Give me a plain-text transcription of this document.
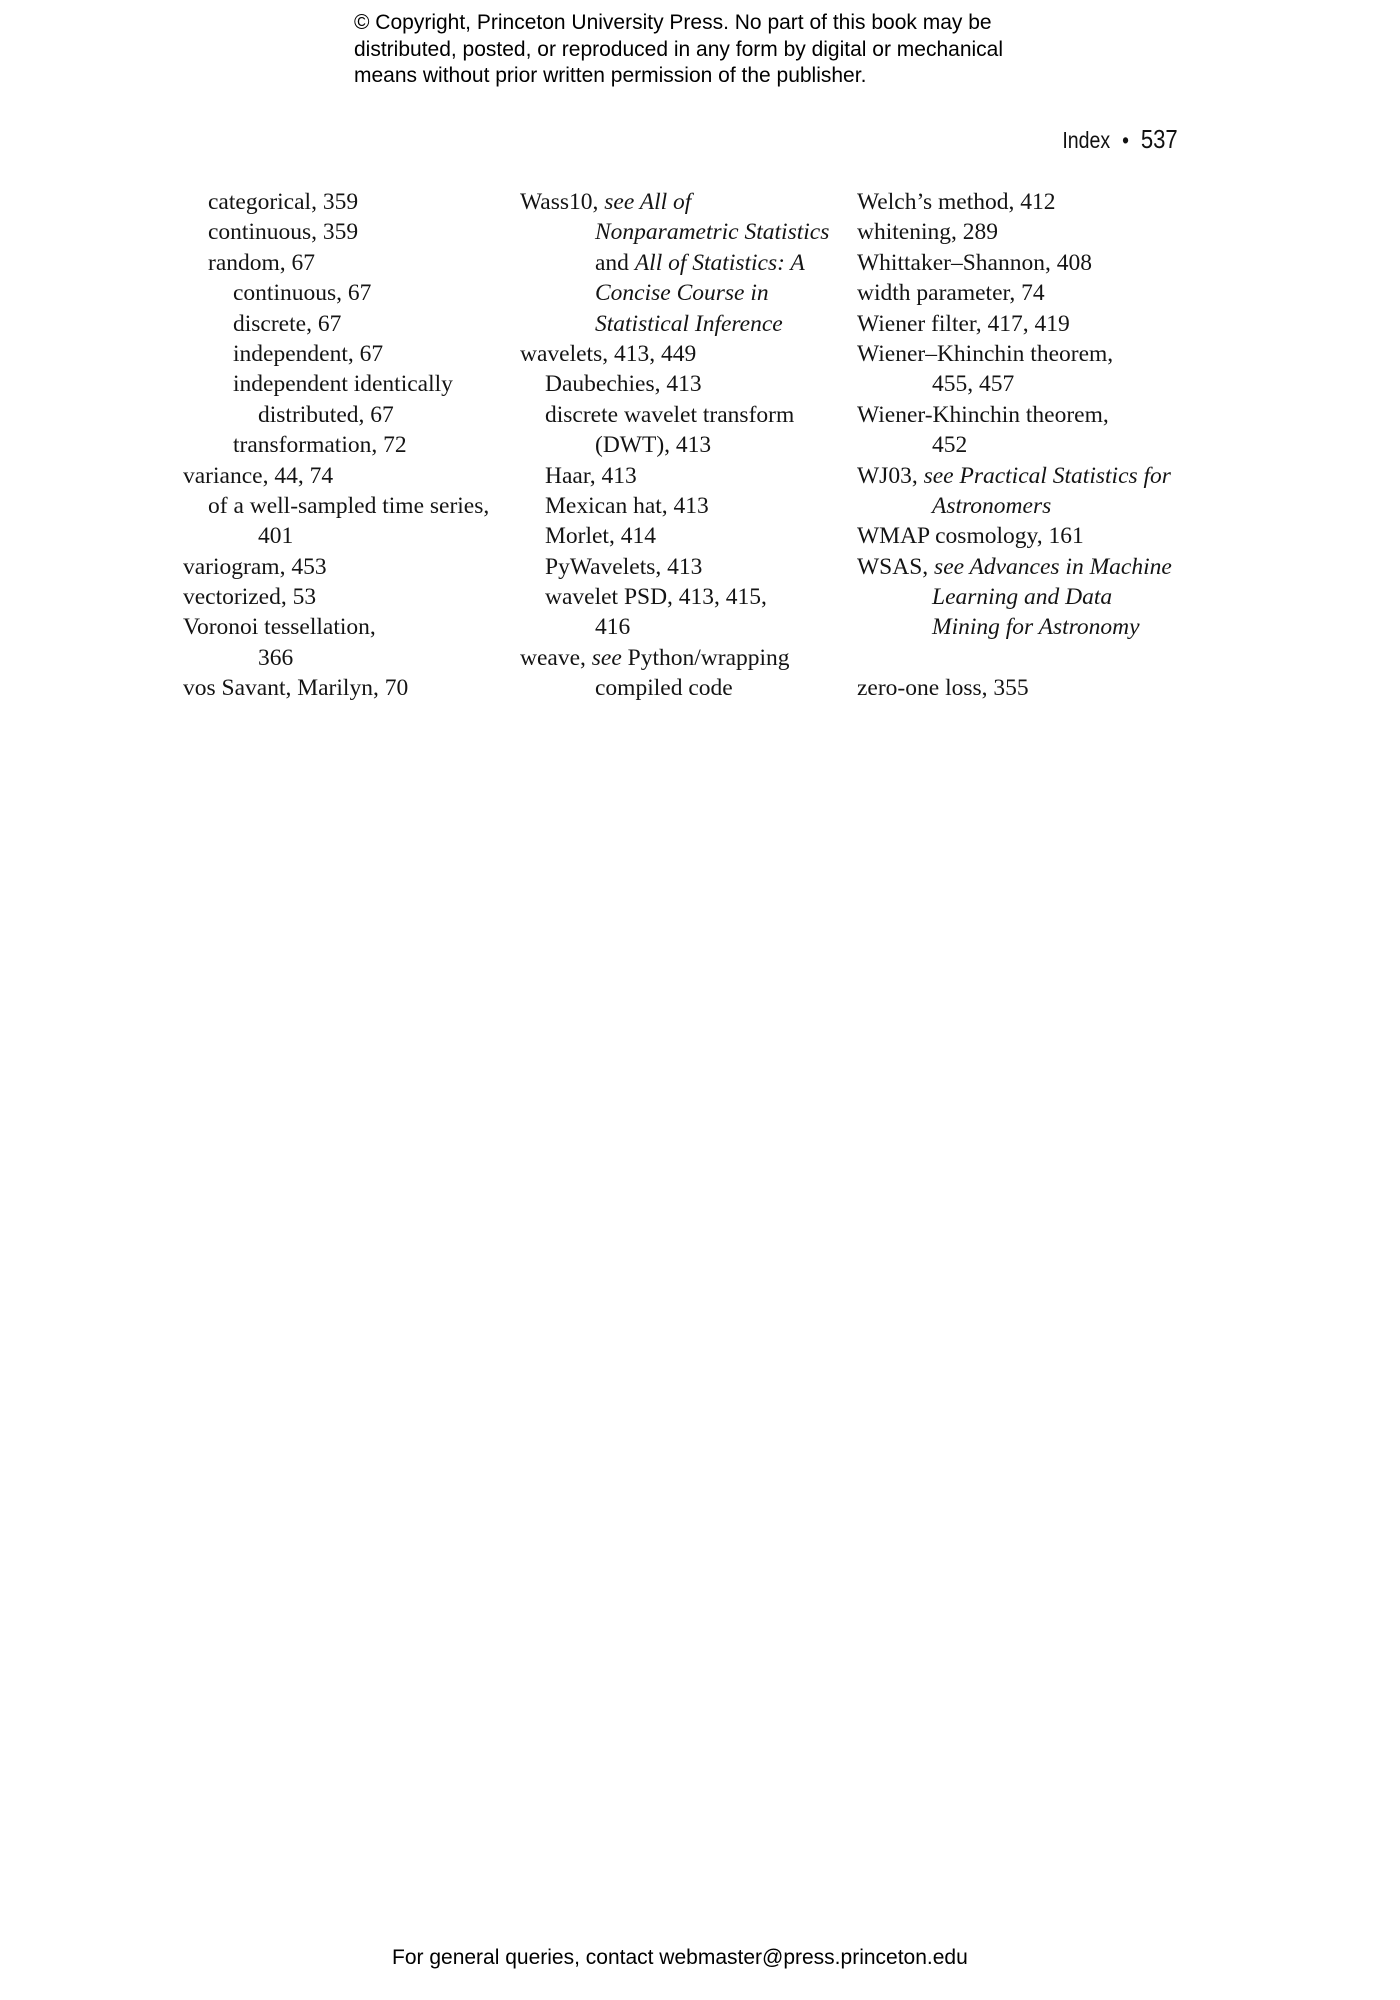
© Copyright, Princeton University Press. No part of this book may be
distributed, posted, or reproduced in any form by digital or mechanical
means without prior written permission of the publisher.
Index • 537
categorical, 359
continuous, 359
random, 67
continuous, 67
discrete, 67
independent, 67
independent identically
distributed, 67
transformation, 72
variance, 44, 74
of a well-sampled time series,
401
variogram, 453
vectorized, 53
Voronoi tessellation,
366
vos Savant, Marilyn, 70
Wass10, see All of
Nonparametric Statistics
and All of Statistics: A
Concise Course in
Statistical Inference
wavelets, 413, 449
Daubechies, 413
discrete wavelet transform
(DWT), 413
Haar, 413
Mexican hat, 413
Morlet, 414
PyWavelets, 413
wavelet PSD, 413, 415,
416
weave, see Python/wrapping
compiled code
Welch’s method, 412
whitening, 289
Whittaker–Shannon, 408
width parameter, 74
Wiener filter, 417, 419
Wiener–Khinchin theorem,
455, 457
Wiener-Khinchin theorem,
452
WJ03, see Practical Statistics for
Astronomers
WMAP cosmology, 161
WSAS, see Advances in Machine
Learning and Data
Mining for Astronomy
zero-one loss, 355
For general queries, contact webmaster@press.princeton.edu
